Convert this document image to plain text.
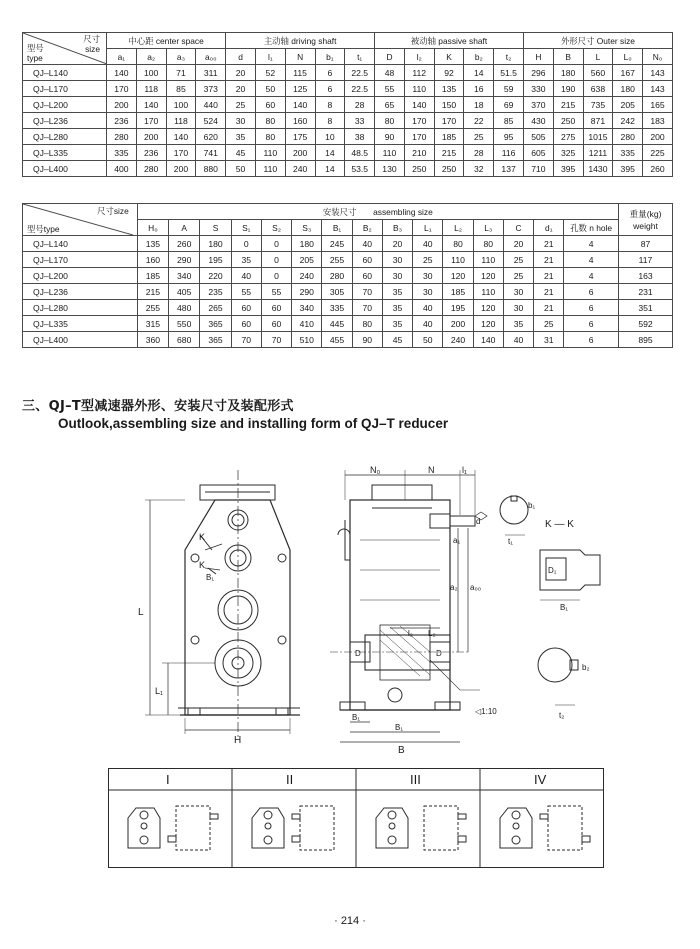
尺寸
size
型号
type	中心距 center space				主动轴 driving shaft					被动轴 passive shaft					外形尺寸 Outer size				
	a₁	a₂	a₃	a₀₀	d	l₁	N	b₁	t₁	D	l₂	K	b₂	t₂	H	B	L	L₀	N₀
QJ–L140	140	100	71	311	20	52	115	6	22.5	48	112	92	14	51.5	296	180	560	167	143
QJ–L170	170	118	85	373	20	50	125	6	22.5	55	110	135	16	59	330	190	638	180	143
QJ–L200	200	140	100	440	25	60	140	8	28	65	140	150	18	69	370	215	735	205	165
QJ–L236	236	170	118	524	30	80	160	8	33	80	170	170	22	85	430	250	871	242	183
QJ–L280	280	200	140	620	35	80	175	10	38	90	170	185	25	95	505	275	1015	280	200
QJ–L335	335	236	170	741	45	110	200	14	48.5	110	210	215	28	116	605	325	1211	335	225
QJ–L400	400	280	200	880	50	110	240	14	53.5	130	250	250	32	137	710	395	1430	395	260
尺寸size
型号type	安装尺寸　　assembling size															重量(kg)
weight
	H₀	A	S	S₁	S₂	S₃	B₁	B₂	B₃	L₁	L₂	L₃	C	d₁	孔数 n hole	
QJ–L140	135	260	180	0	0	180	245	40	20	40	80	80	20	21	4	87
QJ–L170	160	290	195	35	0	205	255	60	30	25	110	110	25	21	4	117
QJ–L200	185	340	220	40	0	240	280	60	30	30	120	120	25	21	4	163
QJ–L236	215	405	235	55	55	290	305	70	35	30	185	110	30	21	6	231
QJ–L280	255	480	265	60	60	340	335	70	35	40	195	120	30	21	6	351
QJ–L335	315	550	365	60	60	410	445	80	35	40	200	120	35	25	6	592
QJ–L400	360	680	365	70	70	510	455	90	45	50	240	140	40	31	6	895
三、QJ–T型减速器外形、安装尺寸及装配形式
Outlook,assembling size and installing form of QJ–T reducer
L
L₁
H
K
K
B₁
N₀	N	l₁
d
a₁
a₂ a₀₀
l₂ L₂
D	D
B₁
B₁
B
◁1:10
b₁
t₁
K — K
D₁
B₁
b₂
t₂
I	II	III	IV
· 214 ·
